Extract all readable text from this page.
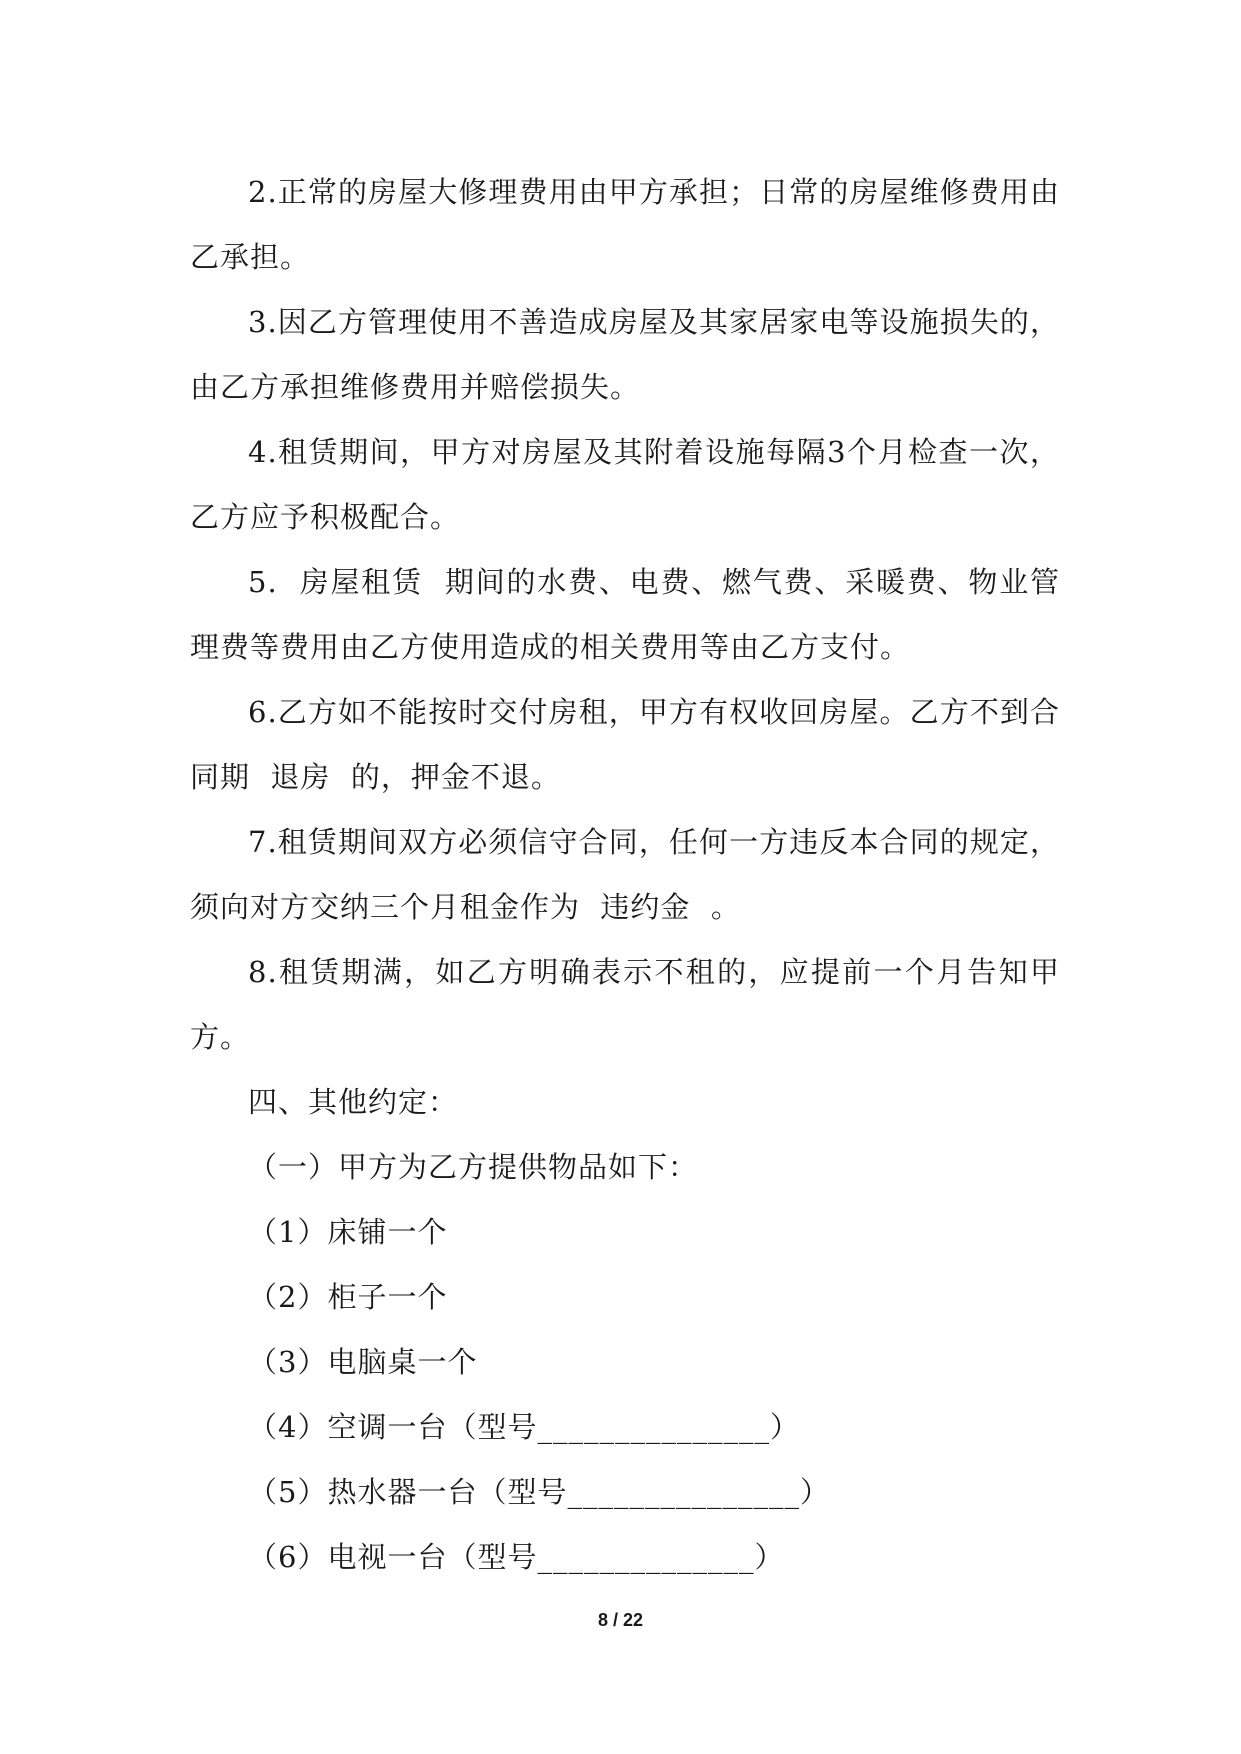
2.正常的房屋大修理费用由甲方承担；日常的房屋维修费用由乙承担。

3.因乙方管理使用不善造成房屋及其家居家电等设施损失的，由乙方承担维修费用并赔偿损失。

4.租赁期间，甲方对房屋及其附着设施每隔3个月检查一次，乙方应予积极配合。

5.  房屋租赁  期间的水费、电费、燃气费、采暖费、物业管理费等费用由乙方使用造成的相关费用等由乙方支付。

6.乙方如不能按时交付房租，甲方有权收回房屋。乙方不到合同期  退房  的，押金不退。

7.租赁期间双方必须信守合同，任何一方违反本合同的规定，须向对方交纳三个月租金作为  违约金  。

8.租赁期满，如乙方明确表示不租的，应提前一个月告知甲方。

四、其他约定：

（一）甲方为乙方提供物品如下：

（1）床铺一个

（2）柜子一个

（3）电脑桌一个

（4）空调一台（型号_______________）

（5）热水器一台（型号_______________）

（6）电视一台（型号______________）

8 / 22
